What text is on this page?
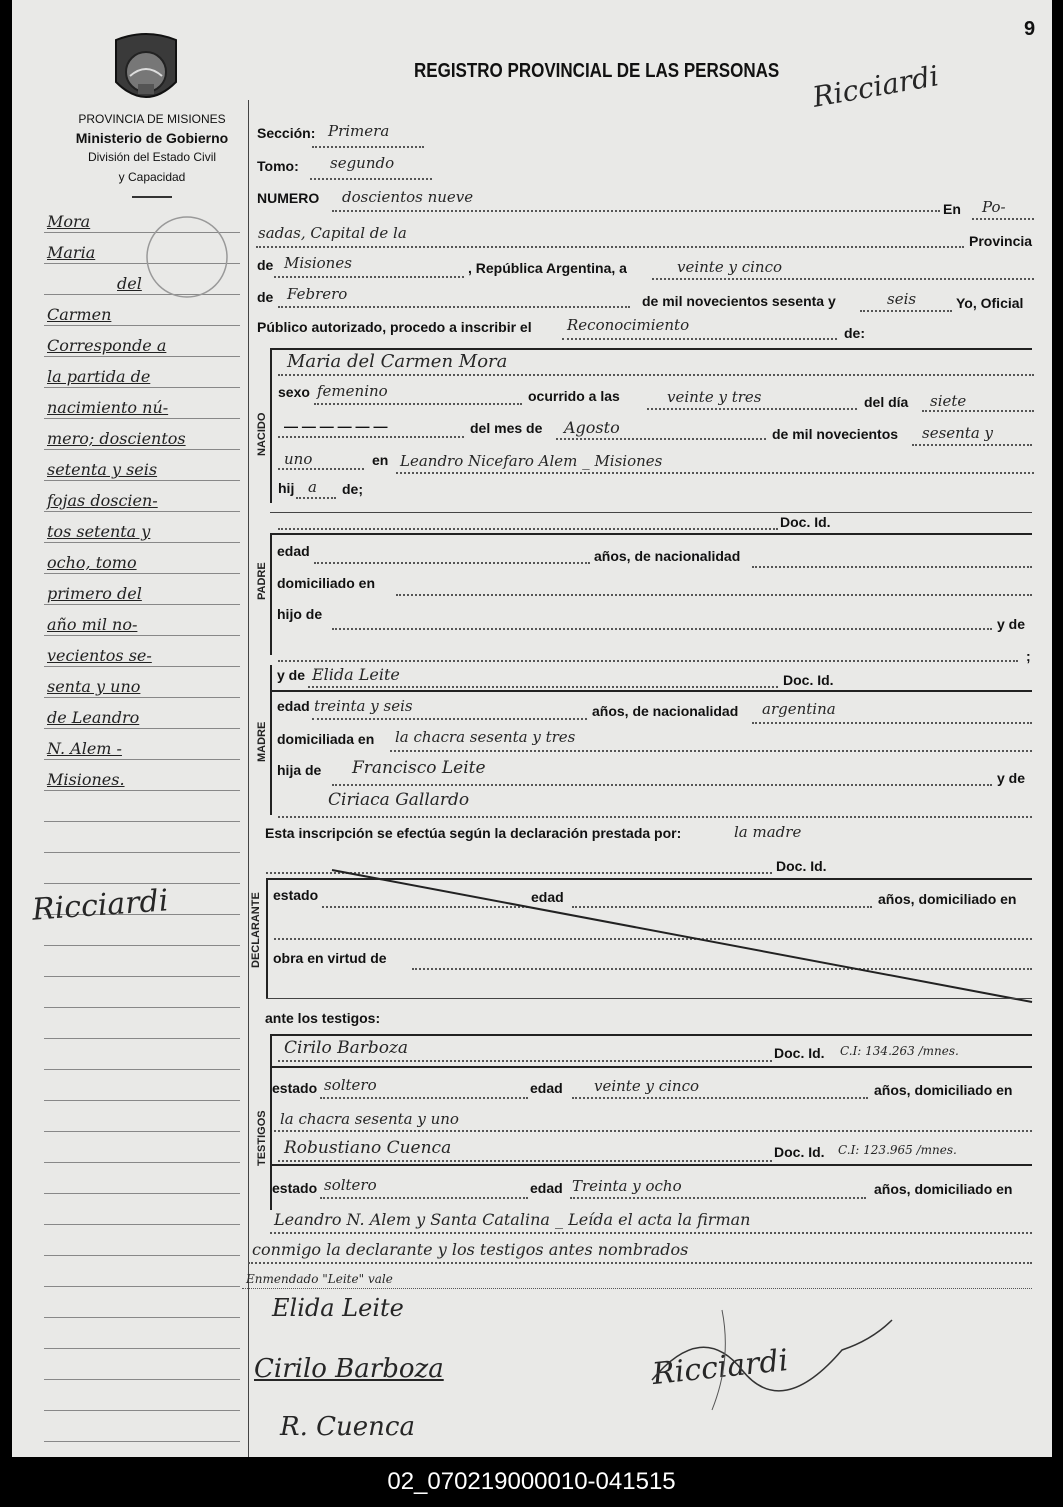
PROVINCIA DE MISIONES
Ministerio de Gobierno
División del Estado Civil
y Capacidad
REGISTRO PROVINCIAL DE LAS PERSONAS Ricciardi
9
Sección: Primera
Tomo: segundo
NUMERO doscientos nueve
En Po-
sadas, Capital de la	Provincia
de Misiones	, República Argentina, a	veinte y cinco
de Febrero	de mil novecientos sesenta y	seis	Yo, Oficial
Público autorizado, procedo a inscribir el Reconocimiento	de:
NACIDO
Maria del Carmen Mora
sexo femenino	ocurrido a las	veinte y tres	del día siete
— — — — — —	del mes de Agosto	de mil novecientos sesenta y
uno	en Leandro Nicefaro Alem _ Misiones
hij a de;
Doc. Id.
PADRE
edad	años, de nacionalidad
domiciliado en
hijo de
y de
;
MADRE
y de Elida Leite	Doc. Id.
edad treinta y seis	años, de nacionalidad argentina
domiciliada en la chacra sesenta y tres
hija de Francisco Leite	y de
Ciriaca Gallardo
Esta inscripción se efectúa según la declaración prestada por:	la madre
Doc. Id.
DECLARANTE estado	edad	años, domiciliado en
obra en virtud de
ante los testigos:
TESTIGOS
Cirilo Barboza	Doc. Id. C.I: 134.263 /mnes.
estado soltero	edad veinte y cinco	años, domiciliado en
la chacra sesenta y uno
Robustiano Cuenca	Doc. Id. C.I: 123.965 /mnes.
estado soltero	edad Treinta y ocho	años, domiciliado en
Leandro N. Alem y Santa Catalina _ Leída el acta la firman
conmigo la declarante y los testigos antes nombrados
Enmendado "Leite" vale
Elida Leite
Cirilo Barboza	Ricciardi
R. Cuenca
Mora
Maria
del
Carmen
Corresponde a
la partida de
nacimiento nú-
mero; doscientos
setenta y seis
fojas doscien-
tos setenta y
ocho, tomo
primero del
año mil no-
vecientos se-
senta y uno
de Leandro
N. Alem -
Misiones.
Ricciardi
02_070219000010-041515
